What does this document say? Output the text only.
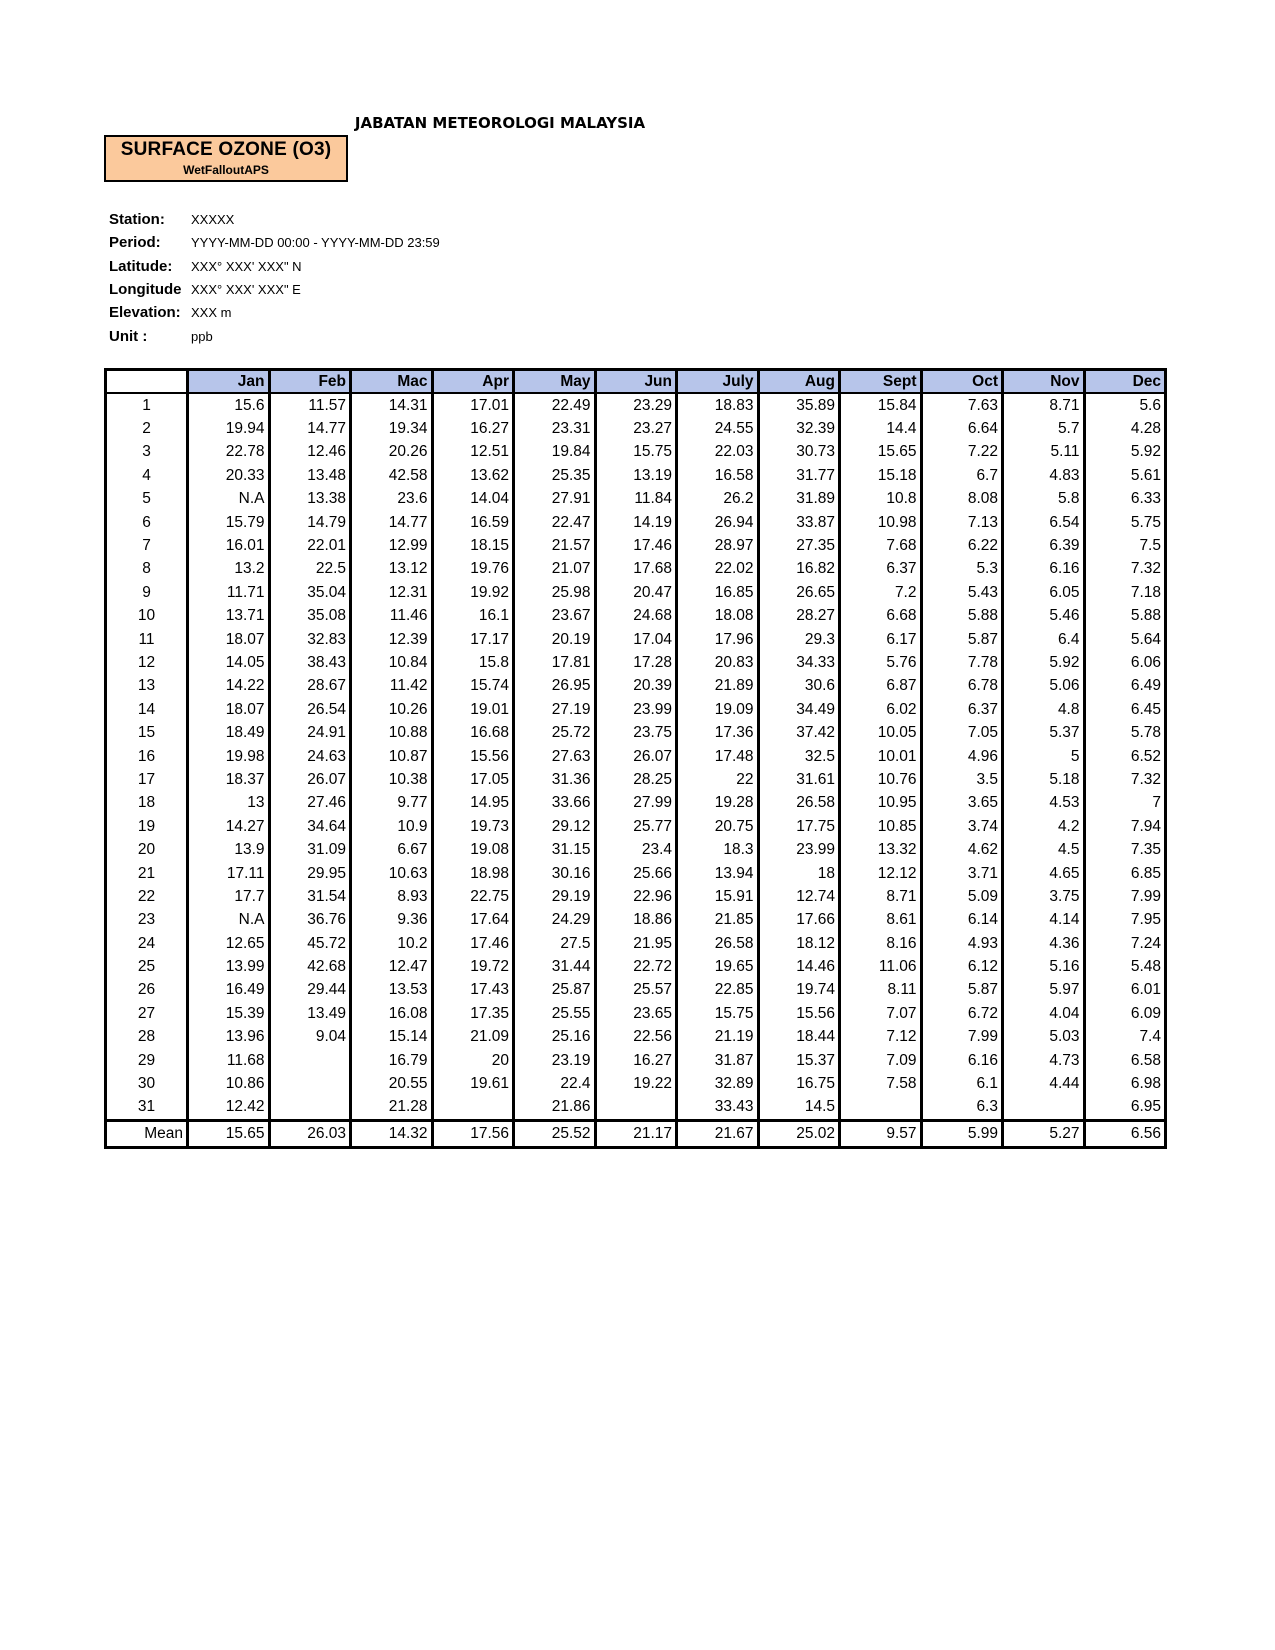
JABATAN METEOROLOGI MALAYSIA
SURFACE OZONE (O3)
WetFalloutAPS
Station:	XXXXX
Period:	YYYY-MM-DD 00:00 - YYYY-MM-DD 23:59
Latitude:	XXX° XXX' XXX" N
Longitude XXX° XXX' XXX" E
Elevation: XXX m
Unit :	ppb
	Jan	Feb	Mac	Apr	May	Jun	July	Aug	Sept	Oct	Nov	Dec
1	15.6	11.57	14.31	17.01	22.49	23.29	18.83	35.89	15.84	7.63	8.71	5.6
2	19.94	14.77	19.34	16.27	23.31	23.27	24.55	32.39	14.4	6.64	5.7	4.28
3	22.78	12.46	20.26	12.51	19.84	15.75	22.03	30.73	15.65	7.22	5.11	5.92
4	20.33	13.48	42.58	13.62	25.35	13.19	16.58	31.77	15.18	6.7	4.83	5.61
5	N.A	13.38	23.6	14.04	27.91	11.84	26.2	31.89	10.8	8.08	5.8	6.33
6	15.79	14.79	14.77	16.59	22.47	14.19	26.94	33.87	10.98	7.13	6.54	5.75
7	16.01	22.01	12.99	18.15	21.57	17.46	28.97	27.35	7.68	6.22	6.39	7.5
8	13.2	22.5	13.12	19.76	21.07	17.68	22.02	16.82	6.37	5.3	6.16	7.32
9	11.71	35.04	12.31	19.92	25.98	20.47	16.85	26.65	7.2	5.43	6.05	7.18
10	13.71	35.08	11.46	16.1	23.67	24.68	18.08	28.27	6.68	5.88	5.46	5.88
11	18.07	32.83	12.39	17.17	20.19	17.04	17.96	29.3	6.17	5.87	6.4	5.64
12	14.05	38.43	10.84	15.8	17.81	17.28	20.83	34.33	5.76	7.78	5.92	6.06
13	14.22	28.67	11.42	15.74	26.95	20.39	21.89	30.6	6.87	6.78	5.06	6.49
14	18.07	26.54	10.26	19.01	27.19	23.99	19.09	34.49	6.02	6.37	4.8	6.45
15	18.49	24.91	10.88	16.68	25.72	23.75	17.36	37.42	10.05	7.05	5.37	5.78
16	19.98	24.63	10.87	15.56	27.63	26.07	17.48	32.5	10.01	4.96	5	6.52
17	18.37	26.07	10.38	17.05	31.36	28.25	22	31.61	10.76	3.5	5.18	7.32
18	13	27.46	9.77	14.95	33.66	27.99	19.28	26.58	10.95	3.65	4.53	7
19	14.27	34.64	10.9	19.73	29.12	25.77	20.75	17.75	10.85	3.74	4.2	7.94
20	13.9	31.09	6.67	19.08	31.15	23.4	18.3	23.99	13.32	4.62	4.5	7.35
21	17.11	29.95	10.63	18.98	30.16	25.66	13.94	18	12.12	3.71	4.65	6.85
22	17.7	31.54	8.93	22.75	29.19	22.96	15.91	12.74	8.71	5.09	3.75	7.99
23	N.A	36.76	9.36	17.64	24.29	18.86	21.85	17.66	8.61	6.14	4.14	7.95
24	12.65	45.72	10.2	17.46	27.5	21.95	26.58	18.12	8.16	4.93	4.36	7.24
25	13.99	42.68	12.47	19.72	31.44	22.72	19.65	14.46	11.06	6.12	5.16	5.48
26	16.49	29.44	13.53	17.43	25.87	25.57	22.85	19.74	8.11	5.87	5.97	6.01
27	15.39	13.49	16.08	17.35	25.55	23.65	15.75	15.56	7.07	6.72	4.04	6.09
28	13.96	9.04	15.14	21.09	25.16	22.56	21.19	18.44	7.12	7.99	5.03	7.4
29	11.68		16.79	20	23.19	16.27	31.87	15.37	7.09	6.16	4.73	6.58
30	10.86		20.55	19.61	22.4	19.22	32.89	16.75	7.58	6.1	4.44	6.98
31	12.42		21.28		21.86		33.43	14.5		6.3		6.95
Mean	15.65	26.03	14.32	17.56	25.52	21.17	21.67	25.02	9.57	5.99	5.27	6.56
